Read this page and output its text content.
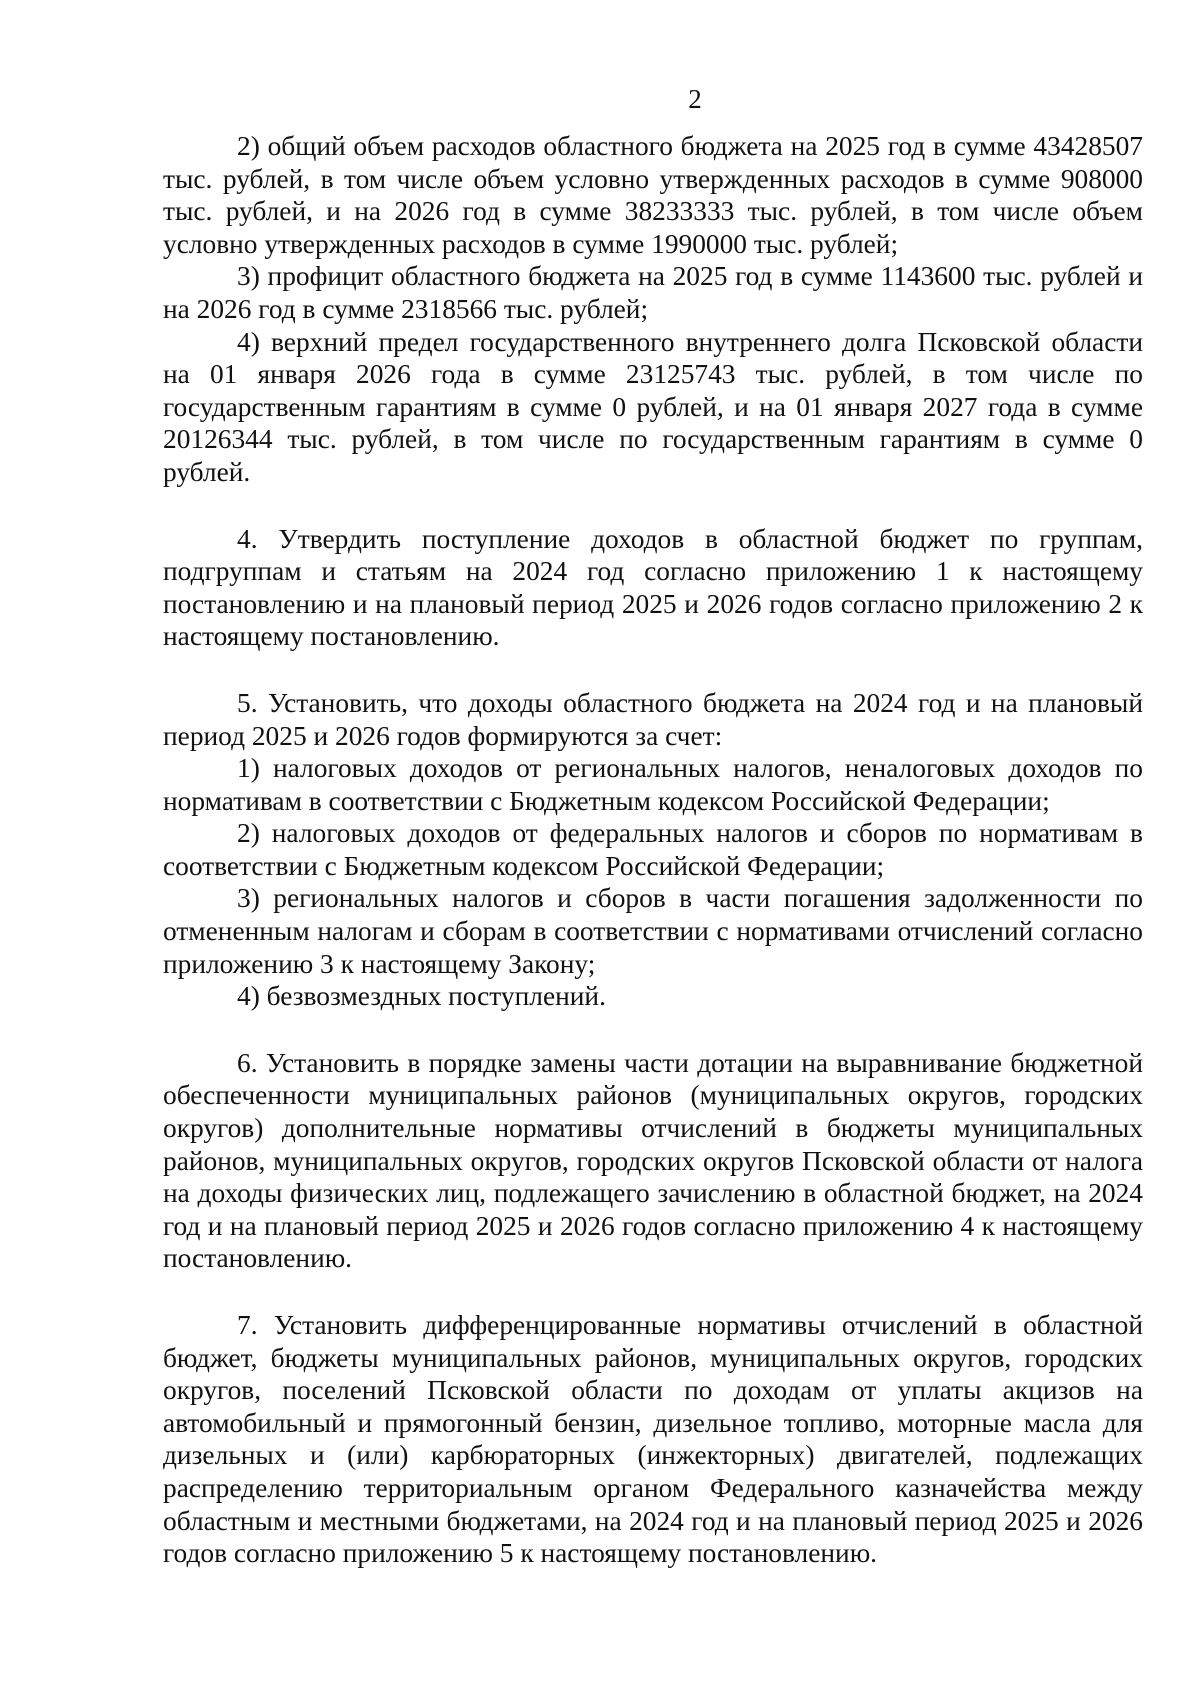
2

2) общий объем расходов областного бюджета на 2025 год в сумме 43428507 тыс. рублей, в том числе объем условно утвержденных расходов в сумме 908000 тыс. рублей, и на 2026 год в сумме 38233333 тыс. рублей, в том числе объем условно утвержденных расходов в сумме 1990000 тыс. рублей;

3) профицит областного бюджета на 2025 год в сумме 1143600 тыс. рублей и на 2026 год в сумме 2318566 тыс. рублей;

4) верхний предел государственного внутреннего долга Псковской области на 01 января 2026 года в сумме 23125743 тыс. рублей, в том числе по государственным гарантиям в сумме 0 рублей, и на 01 января 2027 года в сумме 20126344 тыс. рублей, в том числе по государственным гарантиям в сумме 0 рублей.

4. Утвердить поступление доходов в областной бюджет по группам, подгруппам и статьям на 2024 год согласно приложению 1 к настоящему постановлению и на плановый период 2025 и 2026 годов согласно приложению 2 к настоящему постановлению.

5. Установить, что доходы областного бюджета на 2024 год и на плановый период 2025 и 2026 годов формируются за счет:

1) налоговых доходов от региональных налогов, неналоговых доходов по нормативам в соответствии с Бюджетным кодексом Российской Федерации;

2) налоговых доходов от федеральных налогов и сборов по нормативам в соответствии с Бюджетным кодексом Российской Федерации;

3) региональных налогов и сборов в части погашения задолженности по отмененным налогам и сборам в соответствии с нормативами отчислений согласно приложению 3 к настоящему Закону;

4) безвозмездных поступлений.

6. Установить в порядке замены части дотации на выравнивание бюджетной обеспеченности муниципальных районов (муниципальных округов, городских округов) дополнительные нормативы отчислений в бюджеты муниципальных районов, муниципальных округов, городских округов Псковской области от налога на доходы физических лиц, подлежащего зачислению в областной бюджет, на 2024 год и на плановый период 2025 и 2026 годов согласно приложению 4 к настоящему постановлению.

7. Установить дифференцированные нормативы отчислений в областной бюджет, бюджеты муниципальных районов, муниципальных округов, городских округов, поселений Псковской области по доходам от уплаты акцизов на автомобильный и прямогонный бензин, дизельное топливо, моторные масла для дизельных и (или) карбюраторных (инжекторных) двигателей, подлежащих распределению территориальным органом Федерального казначейства между областным и местными бюджетами, на 2024 год и на плановый период 2025 и 2026 годов согласно приложению 5 к настоящему постановлению.
